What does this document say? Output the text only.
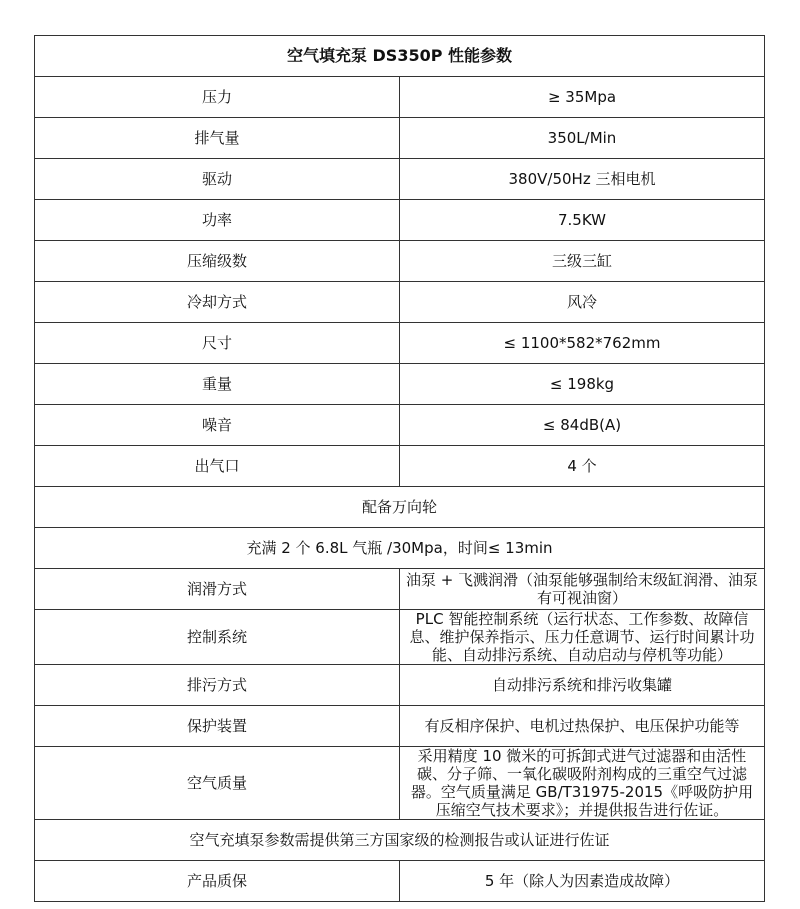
空气填充泵 DS350P 性能参数	
压力	≥ 35Mpa
排气量	350L/Min
驱动	380V/50Hz 三相电机
功率	7.5KW
压缩级数	三级三缸
冷却方式	风冷
尺寸	≤ 1100*582*762mm
重量	≤ 198kg
噪音	≤ 84dB(A)
出气口	4 个
配备万向轮	
充满 2 个 6.8L 气瓶 /30Mpa，时间≤ 13min	
润滑方式	油泵 + 飞溅润滑（油泵能够强制给末级缸润滑、油泵有可视油窗）
控制系统	PLC 智能控制系统（运行状态、工作参数、故障信息、维护保养指示、压力任意调节、运行时间累计功能、自动排污系统、自动启动与停机等功能）
排污方式	自动排污系统和排污收集罐
保护装置	有反相序保护、电机过热保护、电压保护功能等
空气质量	采用精度 10 微米的可拆卸式进气过滤器和由活性碳、分子筛、一氧化碳吸附剂构成的三重空气过滤器。空气质量满足 GB/T31975-2015《呼吸防护用压缩空气技术要求》；并提供报告进行佐证。
空气充填泵参数需提供第三方国家级的检测报告或认证进行佐证	
产品质保	5 年（除人为因素造成故障）
